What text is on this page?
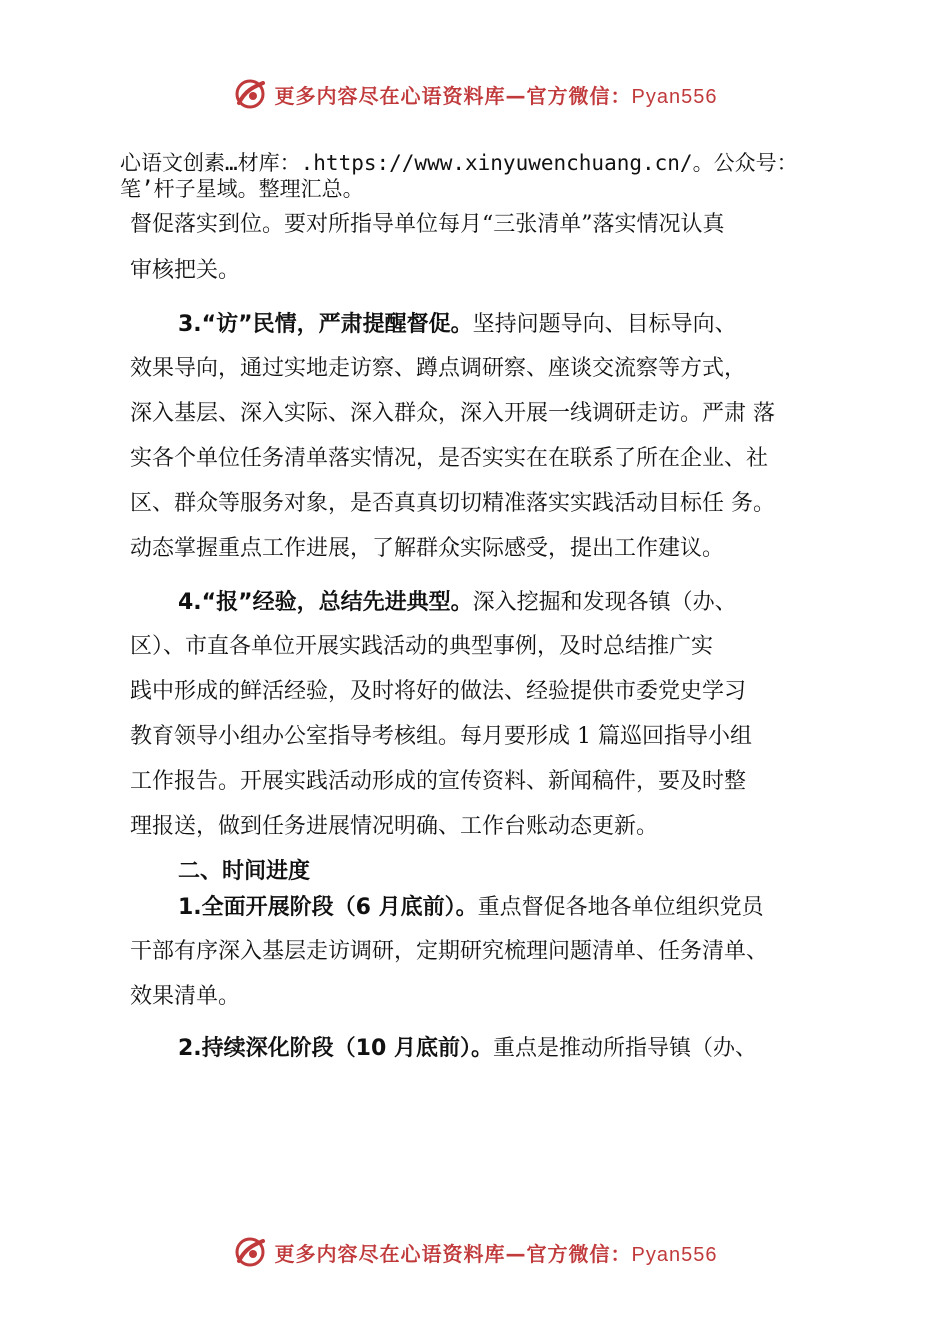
更多内容尽在心语资料库—官方微信：Pyan556
心语文创素…材库：.https://www.xinyuwenchuang.cn/。公众号：
笔’杆子星域。整理汇总。
督促落实到位。要对所指导单位每月“三张清单”落实情况认真
审核把关。
3.“访”民情，严肃提醒督促。坚持问题导向、目标导向、
效果导向，通过实地走访察、蹲点调研察、座谈交流察等方式，
深入基层、深入实际、深入群众，深入开展一线调研走访。严肃 落
实各个单位任务清单落实情况，是否实实在在联系了所在企业、社
区、群众等服务对象，是否真真切切精准落实实践活动目标任 务。
动态掌握重点工作进展，了解群众实际感受，提出工作建议。
4.“报”经验，总结先进典型。深入挖掘和发现各镇（办、
区）、市直各单位开展实践活动的典型事例，及时总结推广实
践中形成的鲜活经验，及时将好的做法、经验提供市委党史学习
教育领导小组办公室指导考核组。每月要形成 1 篇巡回指导小组
工作报告。开展实践活动形成的宣传资料、新闻稿件，要及时整
理报送，做到任务进展情况明确、工作台账动态更新。
二、时间进度
1.全面开展阶段（6 月底前）。重点督促各地各单位组织党员
干部有序深入基层走访调研，定期研究梳理问题清单、任务清单、
效果清单。
2.持续深化阶段（10 月底前）。重点是推动所指导镇（办、
更多内容尽在心语资料库—官方微信：Pyan556
